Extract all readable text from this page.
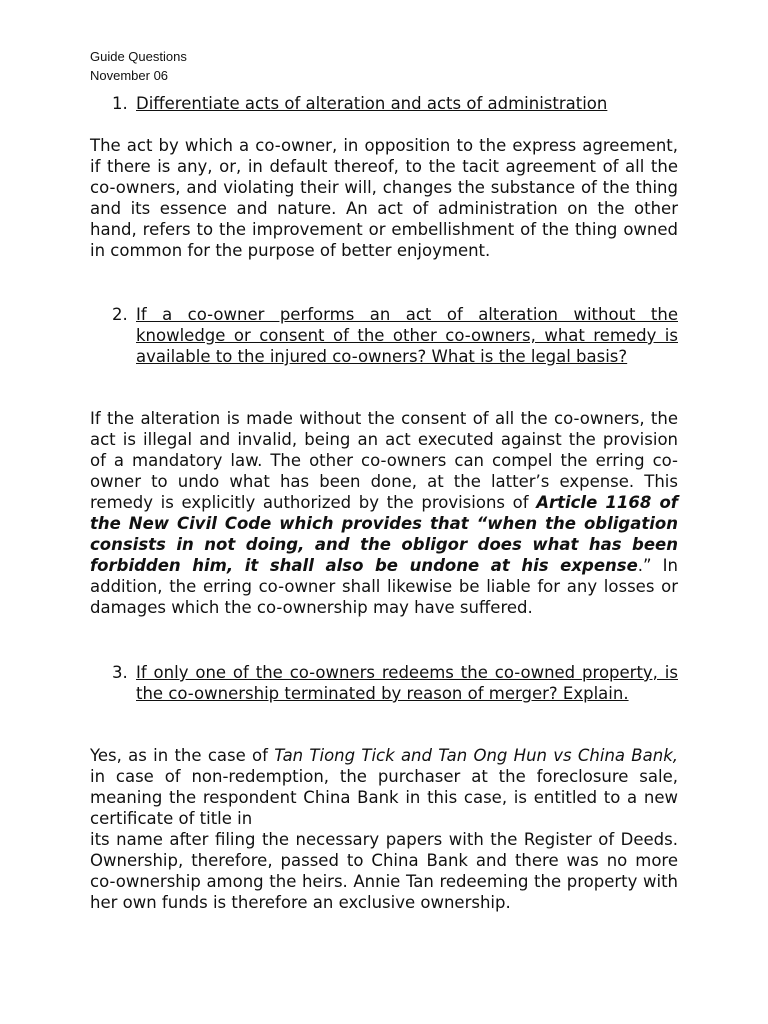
Guide Questions
November 06
1. Differentiate acts of alteration and acts of administration

The act by which a co-owner, in opposition to the express agreement, if there is any, or, in default thereof, to the tacit agreement of all the co-owners, and violating their will, changes the substance of the thing and its essence and nature. An act of administration on the other hand, refers to the improvement or embellishment of the thing owned in common for the purpose of better enjoyment.

2. If a co-owner performs an act of alteration without the knowledge or consent of the other co-owners, what remedy is available to the injured co-owners? What is the legal basis?

If the alteration is made without the consent of all the co-owners, the act is illegal and invalid, being an act executed against the provision of a mandatory law. The other co-owners can compel the erring co-owner to undo what has been done, at the latter’s expense. This remedy is explicitly authorized by the provisions of Article 1168 of the New Civil Code which provides that “when the obligation consists in not doing, and the obligor does what has been forbidden him, it shall also be undone at his expense.” In addition, the erring co-owner shall likewise be liable for any losses or damages which the co-ownership may have suffered.

3. If only one of the co-owners redeems the co-owned property, is the co-ownership terminated by reason of merger? Explain.

Yes, as in the case of Tan Tiong Tick and Tan Ong Hun vs China Bank, in case of non-redemption, the purchaser at the foreclosure sale, meaning the respondent China Bank in this case, is entitled to a new certificate of title in
its name after filing the necessary papers with the Register of Deeds. Ownership, therefore, passed to China Bank and there was no more co-ownership among the heirs. Annie Tan redeeming the property with her own funds is therefore an exclusive ownership.
